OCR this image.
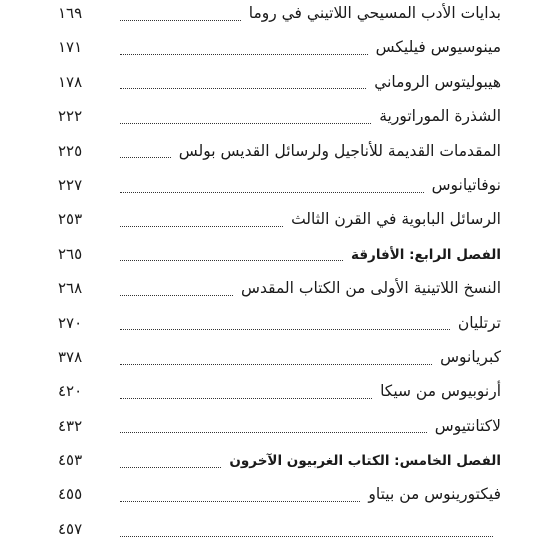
بدايات الأدب المسيحي اللاتيني في روما
١٦٩
مينوسيوس فيليكس
١٧١
هيبوليتوس الروماني
١٧٨
الشذرة الموراتورية
٢٢٢
المقدمات القديمة للأناجيل ولرسائل القديس بولس
٢٢٥
نوفاتيانوس
٢٢٧
الرسائل البابوية في القرن الثالث
٢٥٣
الفصل الرابع: الأفارقة
٢٦٥
النسخ اللاتينية الأولى من الكتاب المقدس
٢٦٨
ترتليان
٢٧٠
كبريانوس
٣٧٨
أرنوبيوس من سيكا
٤٢٠
لاكتانتيوس
٤٣٢
الفصل الخامس: الكتاب الغربيون الآخرون
٤٥٣
فيكتورينوس من بيتاو
٤٥٥
٤٥٧
